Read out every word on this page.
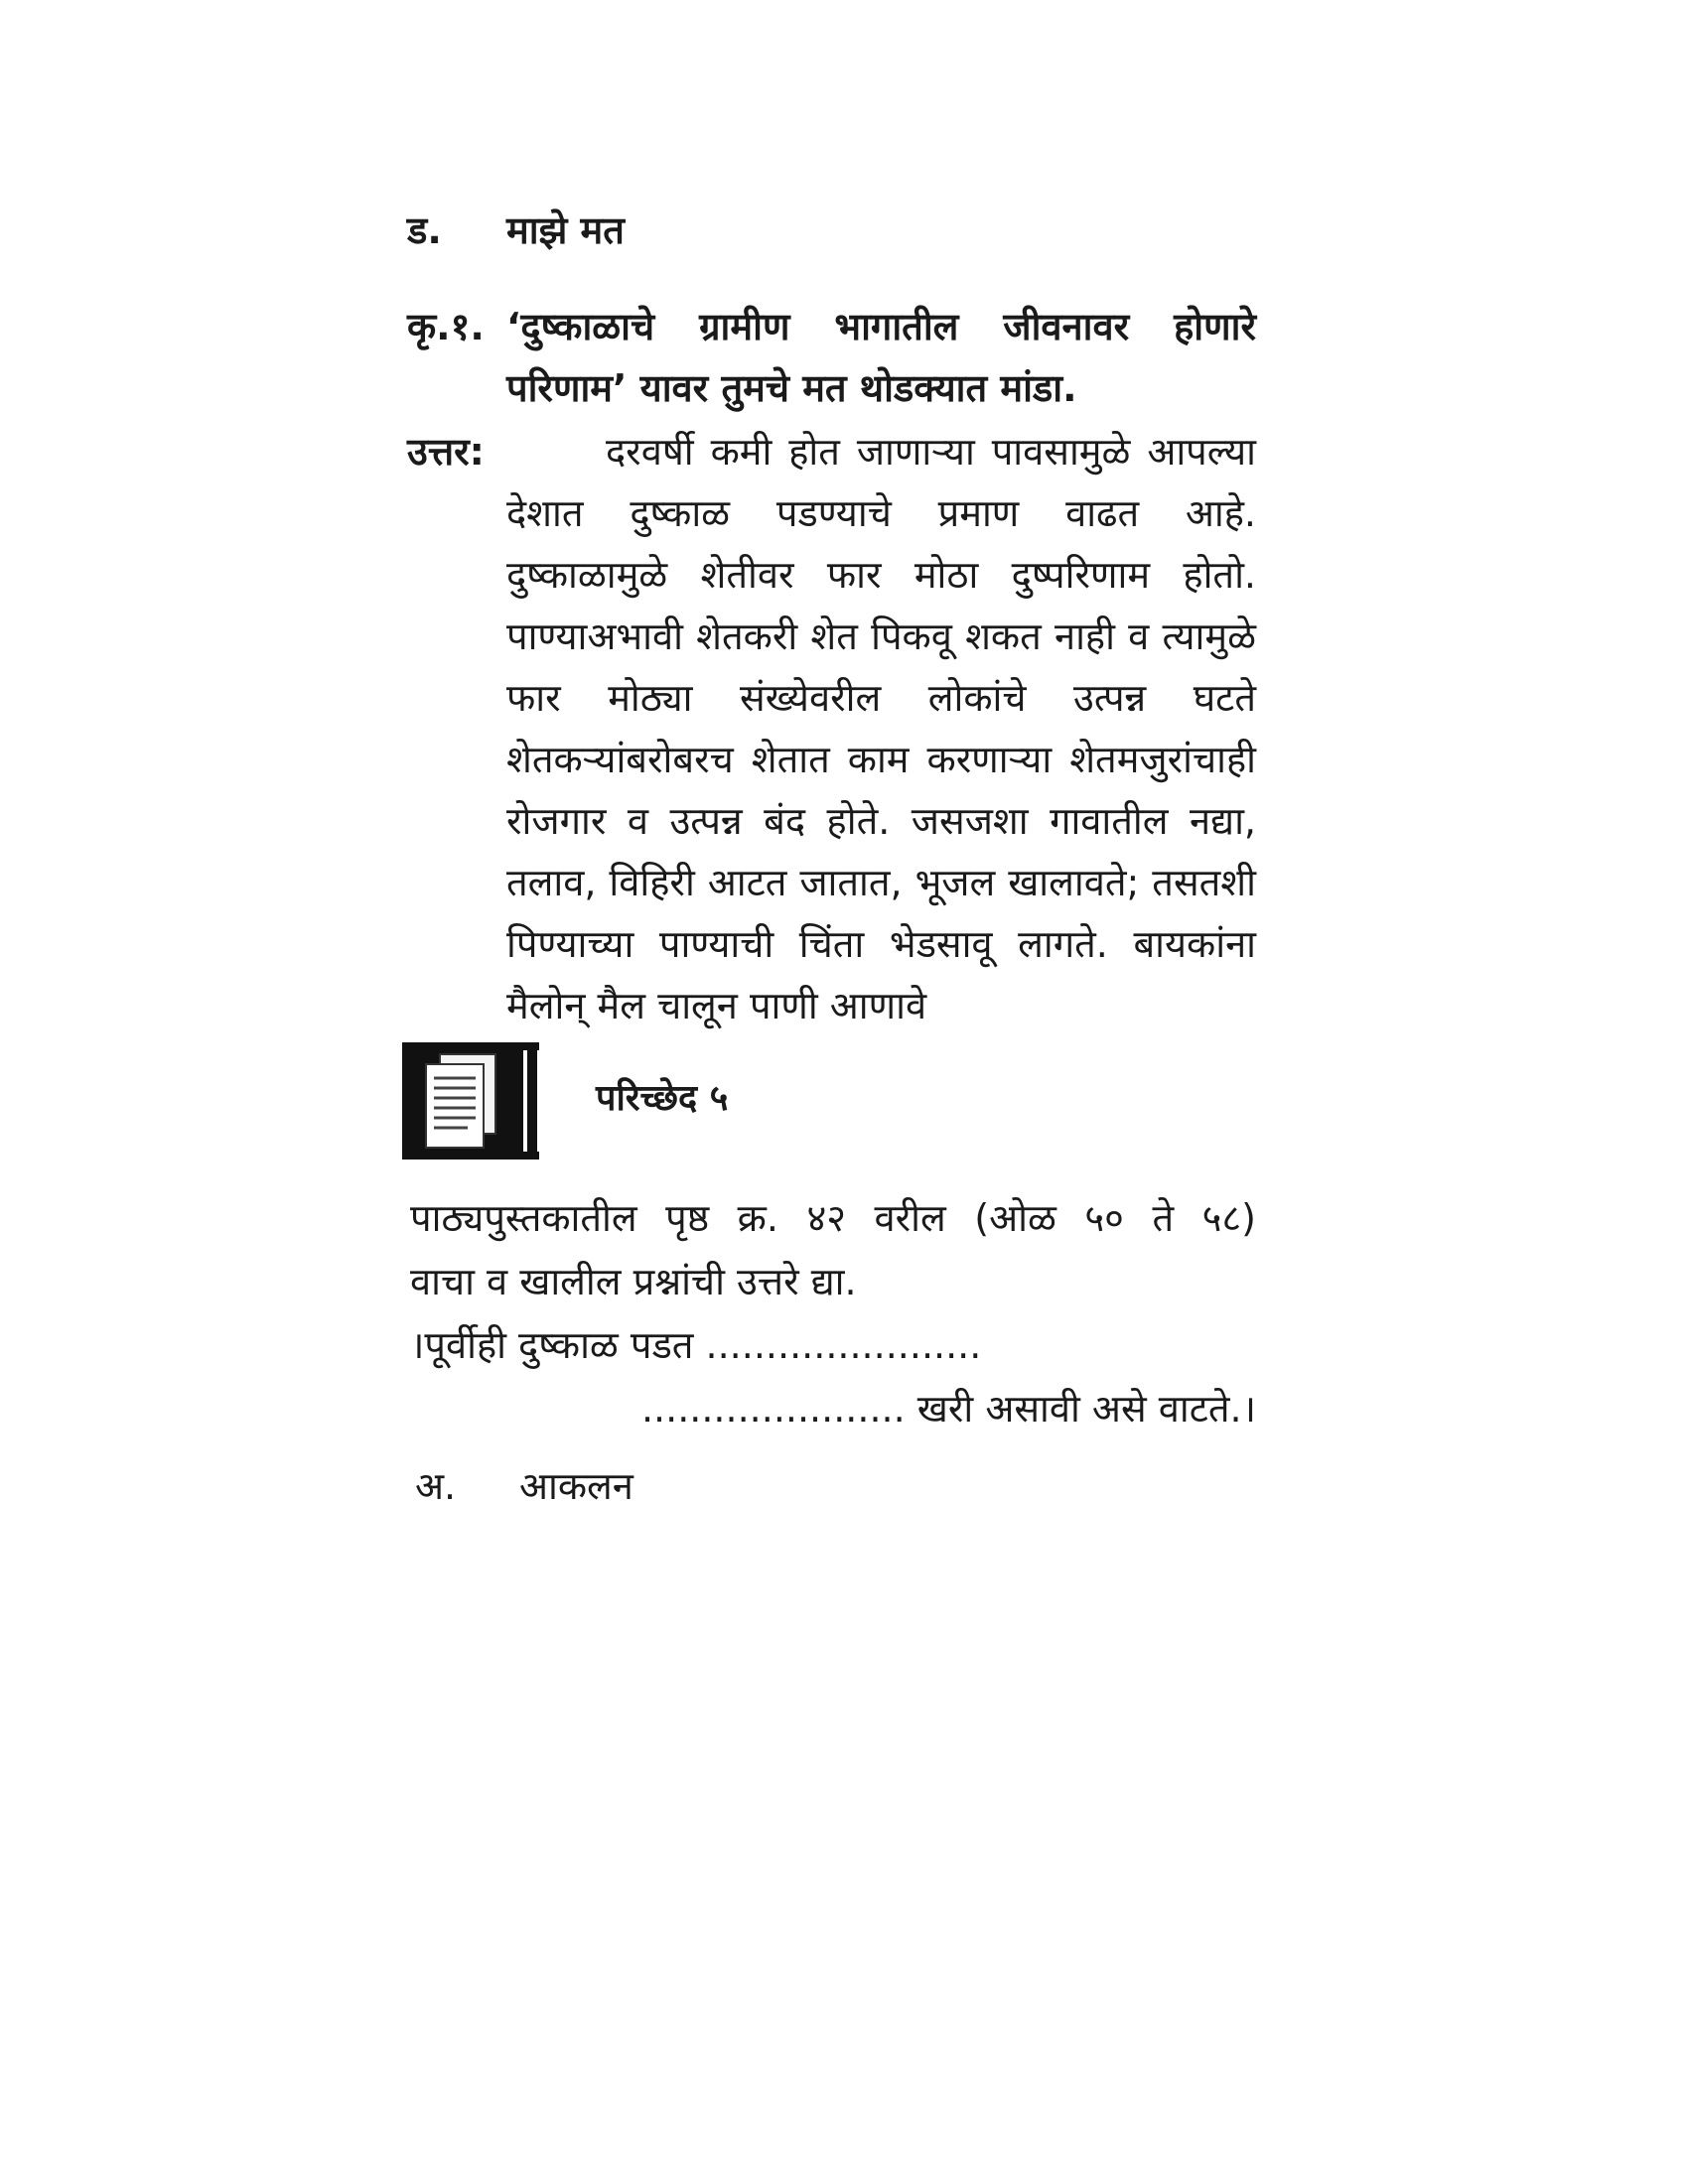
ड.	माझे मत
कृ.१. ‘दुष्काळाचे ग्रामीण भागातील जीवनावर होणारे परिणाम’ यावर तुमचे मत थोडक्यात मांडा.
उत्तर:	दरवर्षी कमी होत जाणाऱ्या पावसामुळे आपल्या देशात दुष्काळ पडण्याचे प्रमाण वाढत आहे. दुष्काळामुळे शेतीवर फार मोठा दुष्परिणाम होतो. पाण्याअभावी शेतकरी शेत पिकवू शकत नाही व त्यामुळे फार मोठ्या संख्येवरील लोकांचे उत्पन्न घटते शेतकऱ्यांबरोबरच शेतात काम करणाऱ्या शेतमजुरांचाही रोजगार व उत्पन्न बंद होते. जसजशा गावातील नद्या, तलाव, विहिरी आटत जातात, भूजल खालावते; तसतशी पिण्याच्या पाण्याची चिंता भेडसावू लागते. बायकांना मैलोन् मैल चालून पाणी आणावे
परिच्छेद ५
पाठ्यपुस्तकातील पृष्ठ क्र. ४२ वरील (ओळ ५० ते ५८)
वाचा व खालील प्रश्नांची उत्तरे द्या.
।पूर्वीही दुष्काळ पडत .......................
...................... खरी असावी असे वाटते.।
अ.	आकलन
